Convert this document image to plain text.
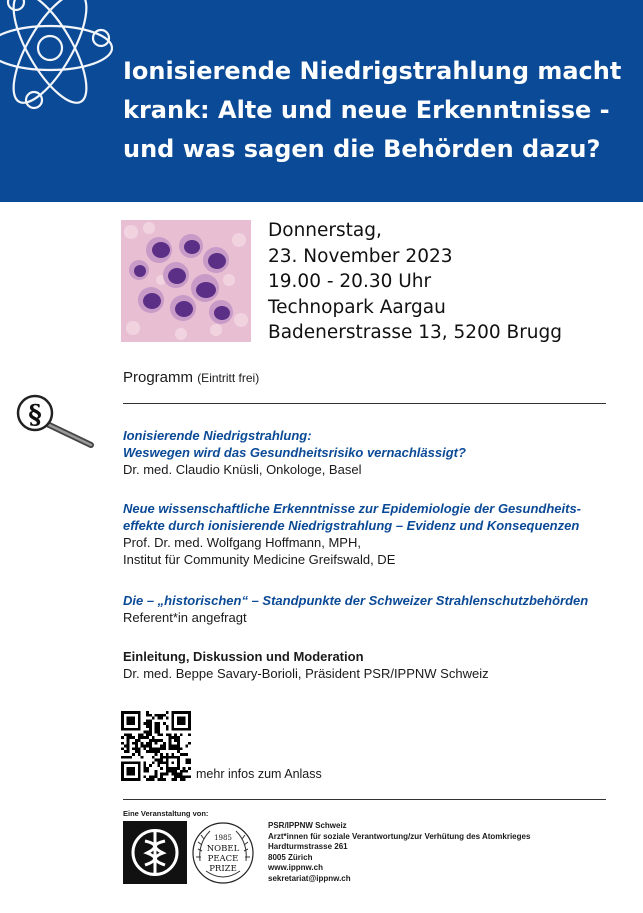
Ionisierende Niedrigstrahlung macht
krank: Alte und neue Erkenntnisse -
und was sagen die Behörden dazu?
Donnerstag,
23. November 2023
19.00 - 20.30 Uhr
Technopark Aargau
Badenerstrasse 13, 5200 Brugg
Programm (Eintritt frei)
§
Ionisierende Niedrigstrahlung:
Weswegen wird das Gesundheitsrisiko vernachlässigt?
Dr. med. Claudio Knüsli, Onkologe, Basel
Neue wissenschaftliche Erkenntnisse zur Epidemiologie der Gesundheits-
effekte durch ionisierende Niedrigstrahlung – Evidenz und Konsequenzen
Prof. Dr. med. Wolfgang Hoffmann, MPH,
Institut für Community Medicine Greifswald, DE
Die – „historischen“ – Standpunkte der Schweizer Strahlenschutzbehörden
Referent*in angefragt
Einleitung, Diskussion und Moderation
Dr. med. Beppe Savary-Borioli, Präsident PSR/IPPNW Schweiz
mehr infos zum Anlass
Eine Veranstaltung von:
1985
NOBEL
PEACE
PRIZE
PSR/IPPNW Schweiz
Arzt*innen für soziale Verantwortung/zur Verhütung des Atomkrieges
Hardturmstrasse 261
8005 Zürich
www.ippnw.ch
sekretariat@ippnw.ch
